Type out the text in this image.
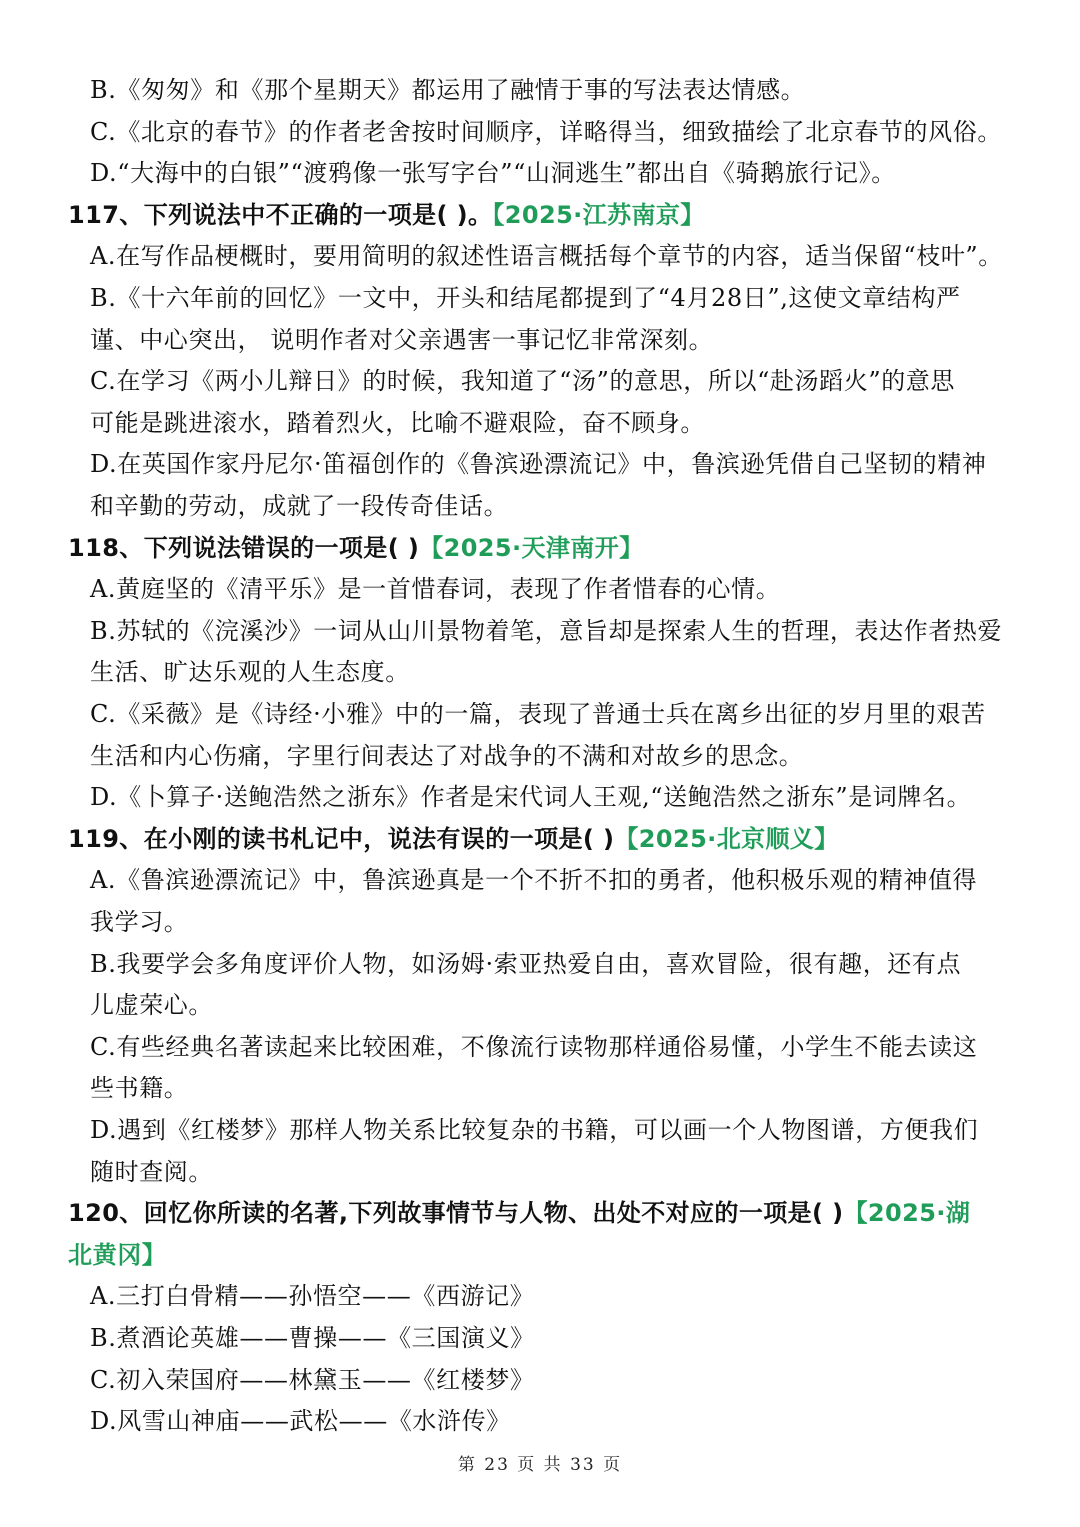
B.《匆匆》和《那个星期天》都运用了融情于事的写法表达情感。
C.《北京的春节》的作者老舍按时间顺序，详略得当，细致描绘了北京春节的风俗。
D.“大海中的白银”“渡鸦像一张写字台”“山洞逃生”都出自《骑鹅旅行记》。
117、下列说法中不正确的一项是( )。【2025·江苏南京】
A.在写作品梗概时，要用简明的叙述性语言概括每个章节的内容，适当保留“枝叶”。
B.《十六年前的回忆》一文中，开头和结尾都提到了“4月28日”,这使文章结构严
谨、中心突出， 说明作者对父亲遇害一事记忆非常深刻。
C.在学习《两小儿辩日》的时候，我知道了“汤”的意思，所以“赴汤蹈火”的意思
可能是跳进滚水，踏着烈火，比喻不避艰险，奋不顾身。
D.在英国作家丹尼尔·笛福创作的《鲁滨逊漂流记》中，鲁滨逊凭借自己坚韧的精神
和辛勤的劳动，成就了一段传奇佳话。
118、下列说法错误的一项是( )【2025·天津南开】
A.黄庭坚的《清平乐》是一首惜春词，表现了作者惜春的心情。
B.苏轼的《浣溪沙》一词从山川景物着笔，意旨却是探索人生的哲理，表达作者热爱
生活、旷达乐观的人生态度。
C.《采薇》是《诗经·小雅》中的一篇，表现了普通士兵在离乡出征的岁月里的艰苦
生活和内心伤痛，字里行间表达了对战争的不满和对故乡的思念。
D.《卜算子·送鲍浩然之浙东》作者是宋代词人王观,“送鲍浩然之浙东”是词牌名。
119、在小刚的读书札记中，说法有误的一项是( )【2025·北京顺义】
A.《鲁滨逊漂流记》中，鲁滨逊真是一个不折不扣的勇者，他积极乐观的精神值得
我学习。
B.我要学会多角度评价人物，如汤姆·索亚热爱自由，喜欢冒险，很有趣，还有点
儿虚荣心。
C.有些经典名著读起来比较困难，不像流行读物那样通俗易懂，小学生不能去读这
些书籍。
D.遇到《红楼梦》那样人物关系比较复杂的书籍，可以画一个人物图谱，方便我们
随时查阅。
120、回忆你所读的名著,下列故事情节与人物、出处不对应的一项是( )【2025·湖
北黄冈】
A.三打白骨精——孙悟空——《西游记》
B.煮酒论英雄——曹操——《三国演义》
C.初入荣国府——林黛玉——《红楼梦》
D.风雪山神庙——武松——《水浒传》
第 23 页 共 33 页
